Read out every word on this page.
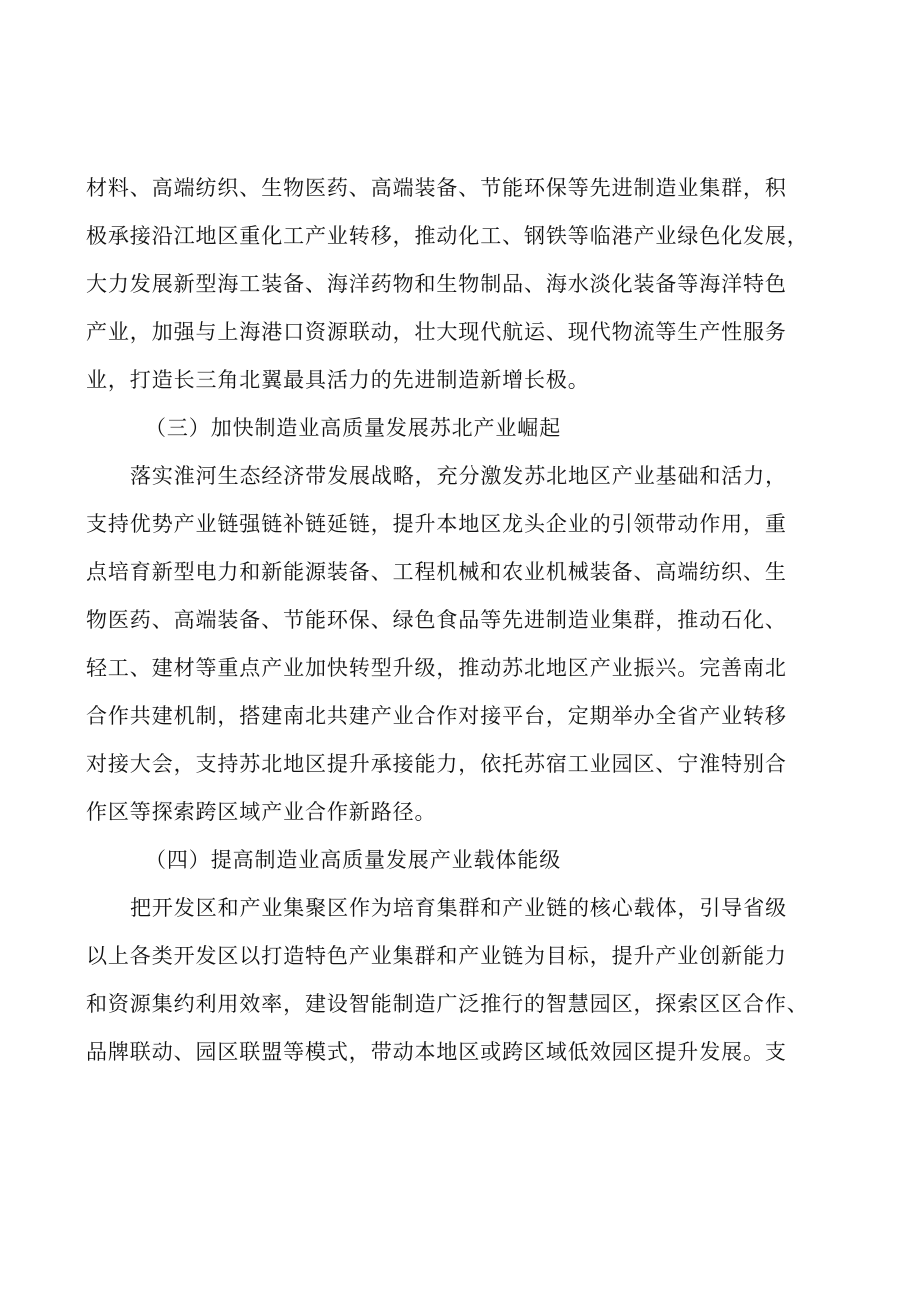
材料、高端纺织、生物医药、高端装备、节能环保等先进制造业集群，积
极承接沿江地区重化工产业转移，推动化工、钢铁等临港产业绿色化发展，
大力发展新型海工装备、海洋药物和生物制品、海水淡化装备等海洋特色
产业，加强与上海港口资源联动，壮大现代航运、现代物流等生产性服务
业，打造长三角北翼最具活力的先进制造新增长极。
（三）加快制造业高质量发展苏北产业崛起
落实淮河生态经济带发展战略，充分激发苏北地区产业基础和活力，
支持优势产业链强链补链延链，提升本地区龙头企业的引领带动作用，重
点培育新型电力和新能源装备、工程机械和农业机械装备、高端纺织、生
物医药、高端装备、节能环保、绿色食品等先进制造业集群，推动石化、
轻工、建材等重点产业加快转型升级，推动苏北地区产业振兴。完善南北
合作共建机制，搭建南北共建产业合作对接平台，定期举办全省产业转移
对接大会，支持苏北地区提升承接能力，依托苏宿工业园区、宁淮特别合
作区等探索跨区域产业合作新路径。
（四）提高制造业高质量发展产业载体能级
把开发区和产业集聚区作为培育集群和产业链的核心载体，引导省级
以上各类开发区以打造特色产业集群和产业链为目标，提升产业创新能力
和资源集约利用效率，建设智能制造广泛推行的智慧园区，探索区区合作、
品牌联动、园区联盟等模式，带动本地区或跨区域低效园区提升发展。支
